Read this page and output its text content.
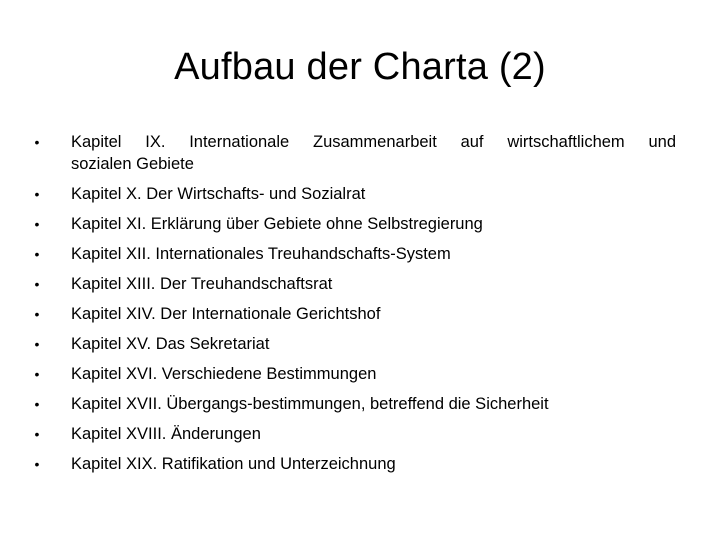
Aufbau der Charta (2)
• Kapitel IX. Internationale Zusammenarbeit auf wirtschaftlichem und
sozialen Gebiete
• Kapitel X. Der Wirtschafts- und Sozialrat
• Kapitel XI. Erklärung über Gebiete ohne Selbstregierung
• Kapitel XII. Internationales Treuhandschafts-System
• Kapitel XIII. Der Treuhandschaftsrat
• Kapitel XIV. Der Internationale Gerichtshof
• Kapitel XV. Das Sekretariat
• Kapitel XVI. Verschiedene Bestimmungen
• Kapitel XVII. Übergangs-bestimmungen, betreffend die Sicherheit
• Kapitel XVIII. Änderungen
• Kapitel XIX. Ratifikation und Unterzeichnung
